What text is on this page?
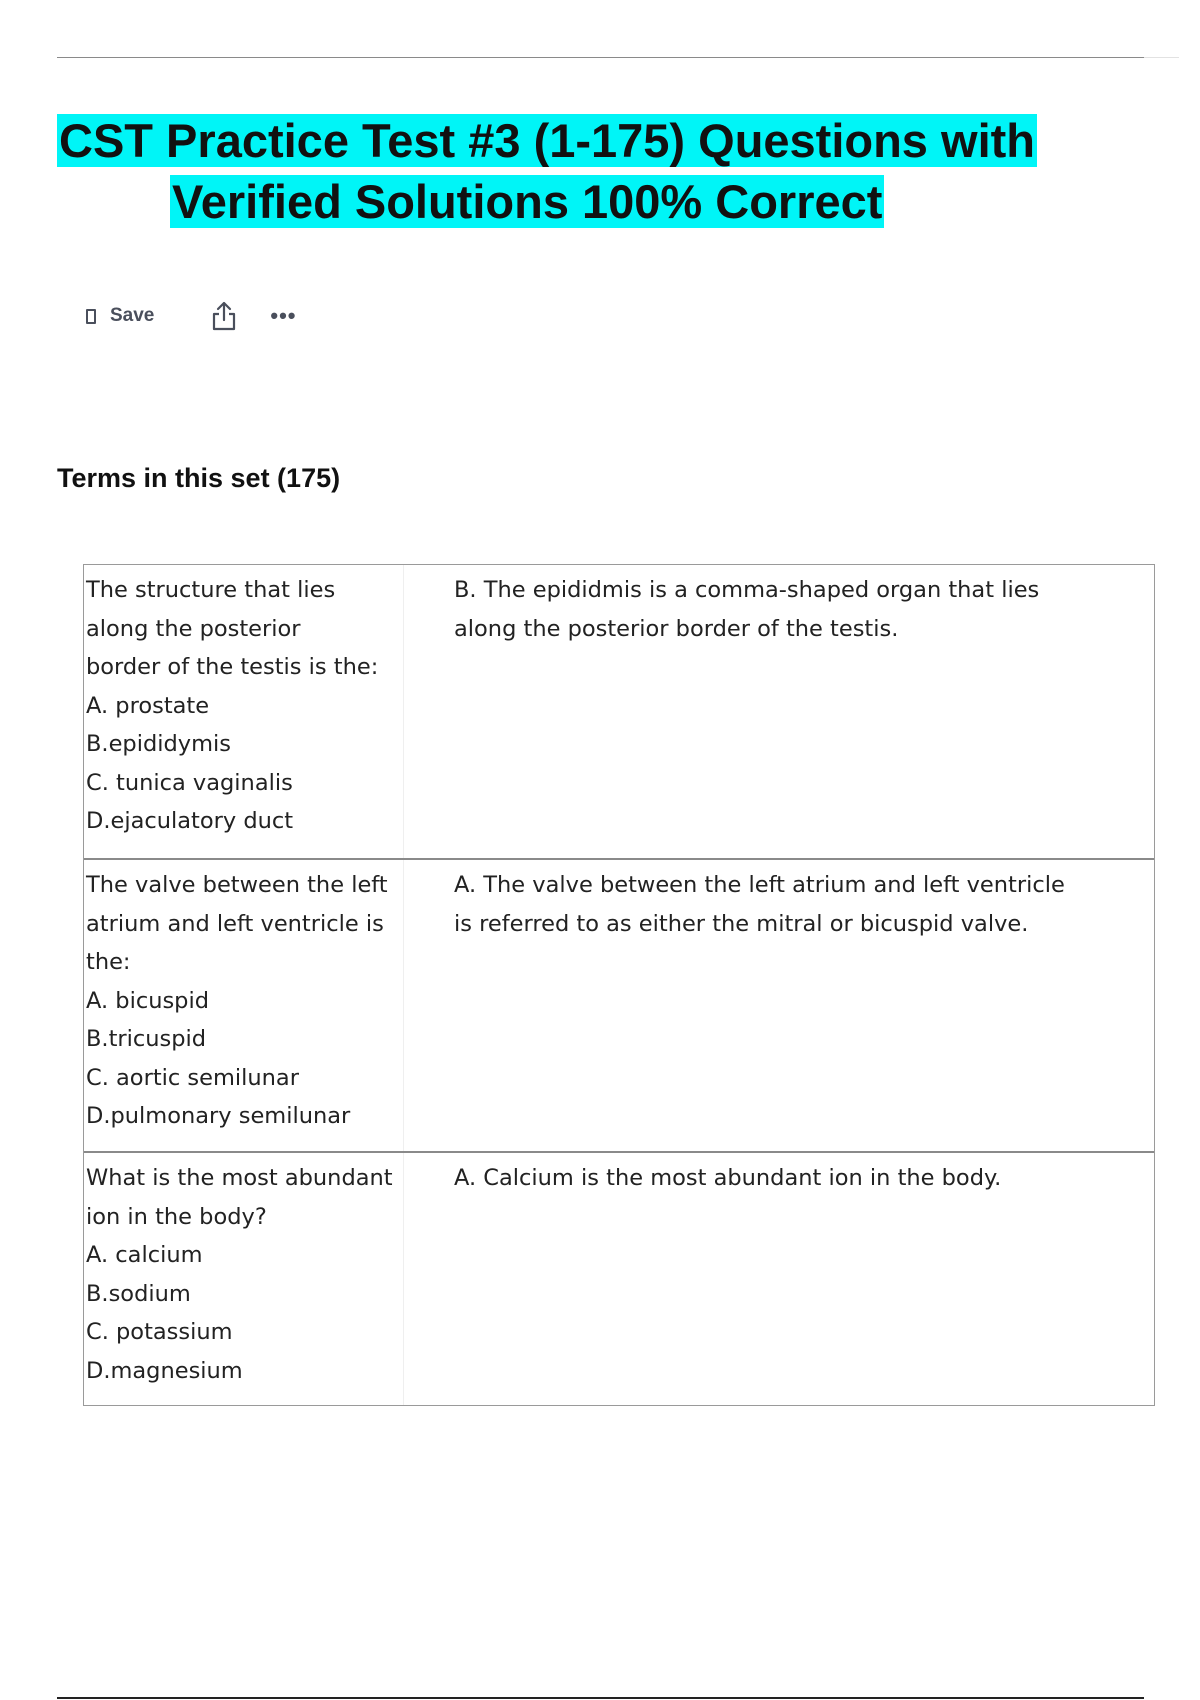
CST Practice Test #3 (1-175) Questions with
Verified Solutions 100% Correct
Save	•••
Terms in this set (175)
The structure that lies
along the posterior
border of the testis is the:
A. prostate
B.epididymis
C. tunica vaginalis
D.ejaculatory duct
B. The epididmis is a comma-shaped organ that lies
along the posterior border of the testis.
The valve between the left
atrium and left ventricle is
the:
A. bicuspid
B.tricuspid
C. aortic semilunar
D.pulmonary semilunar
A. The valve between the left atrium and left ventricle
is referred to as either the mitral or bicuspid valve.
What is the most abundant
ion in the body?
A. calcium
B.sodium
C. potassium
D.magnesium
A. Calcium is the most abundant ion in the body.
